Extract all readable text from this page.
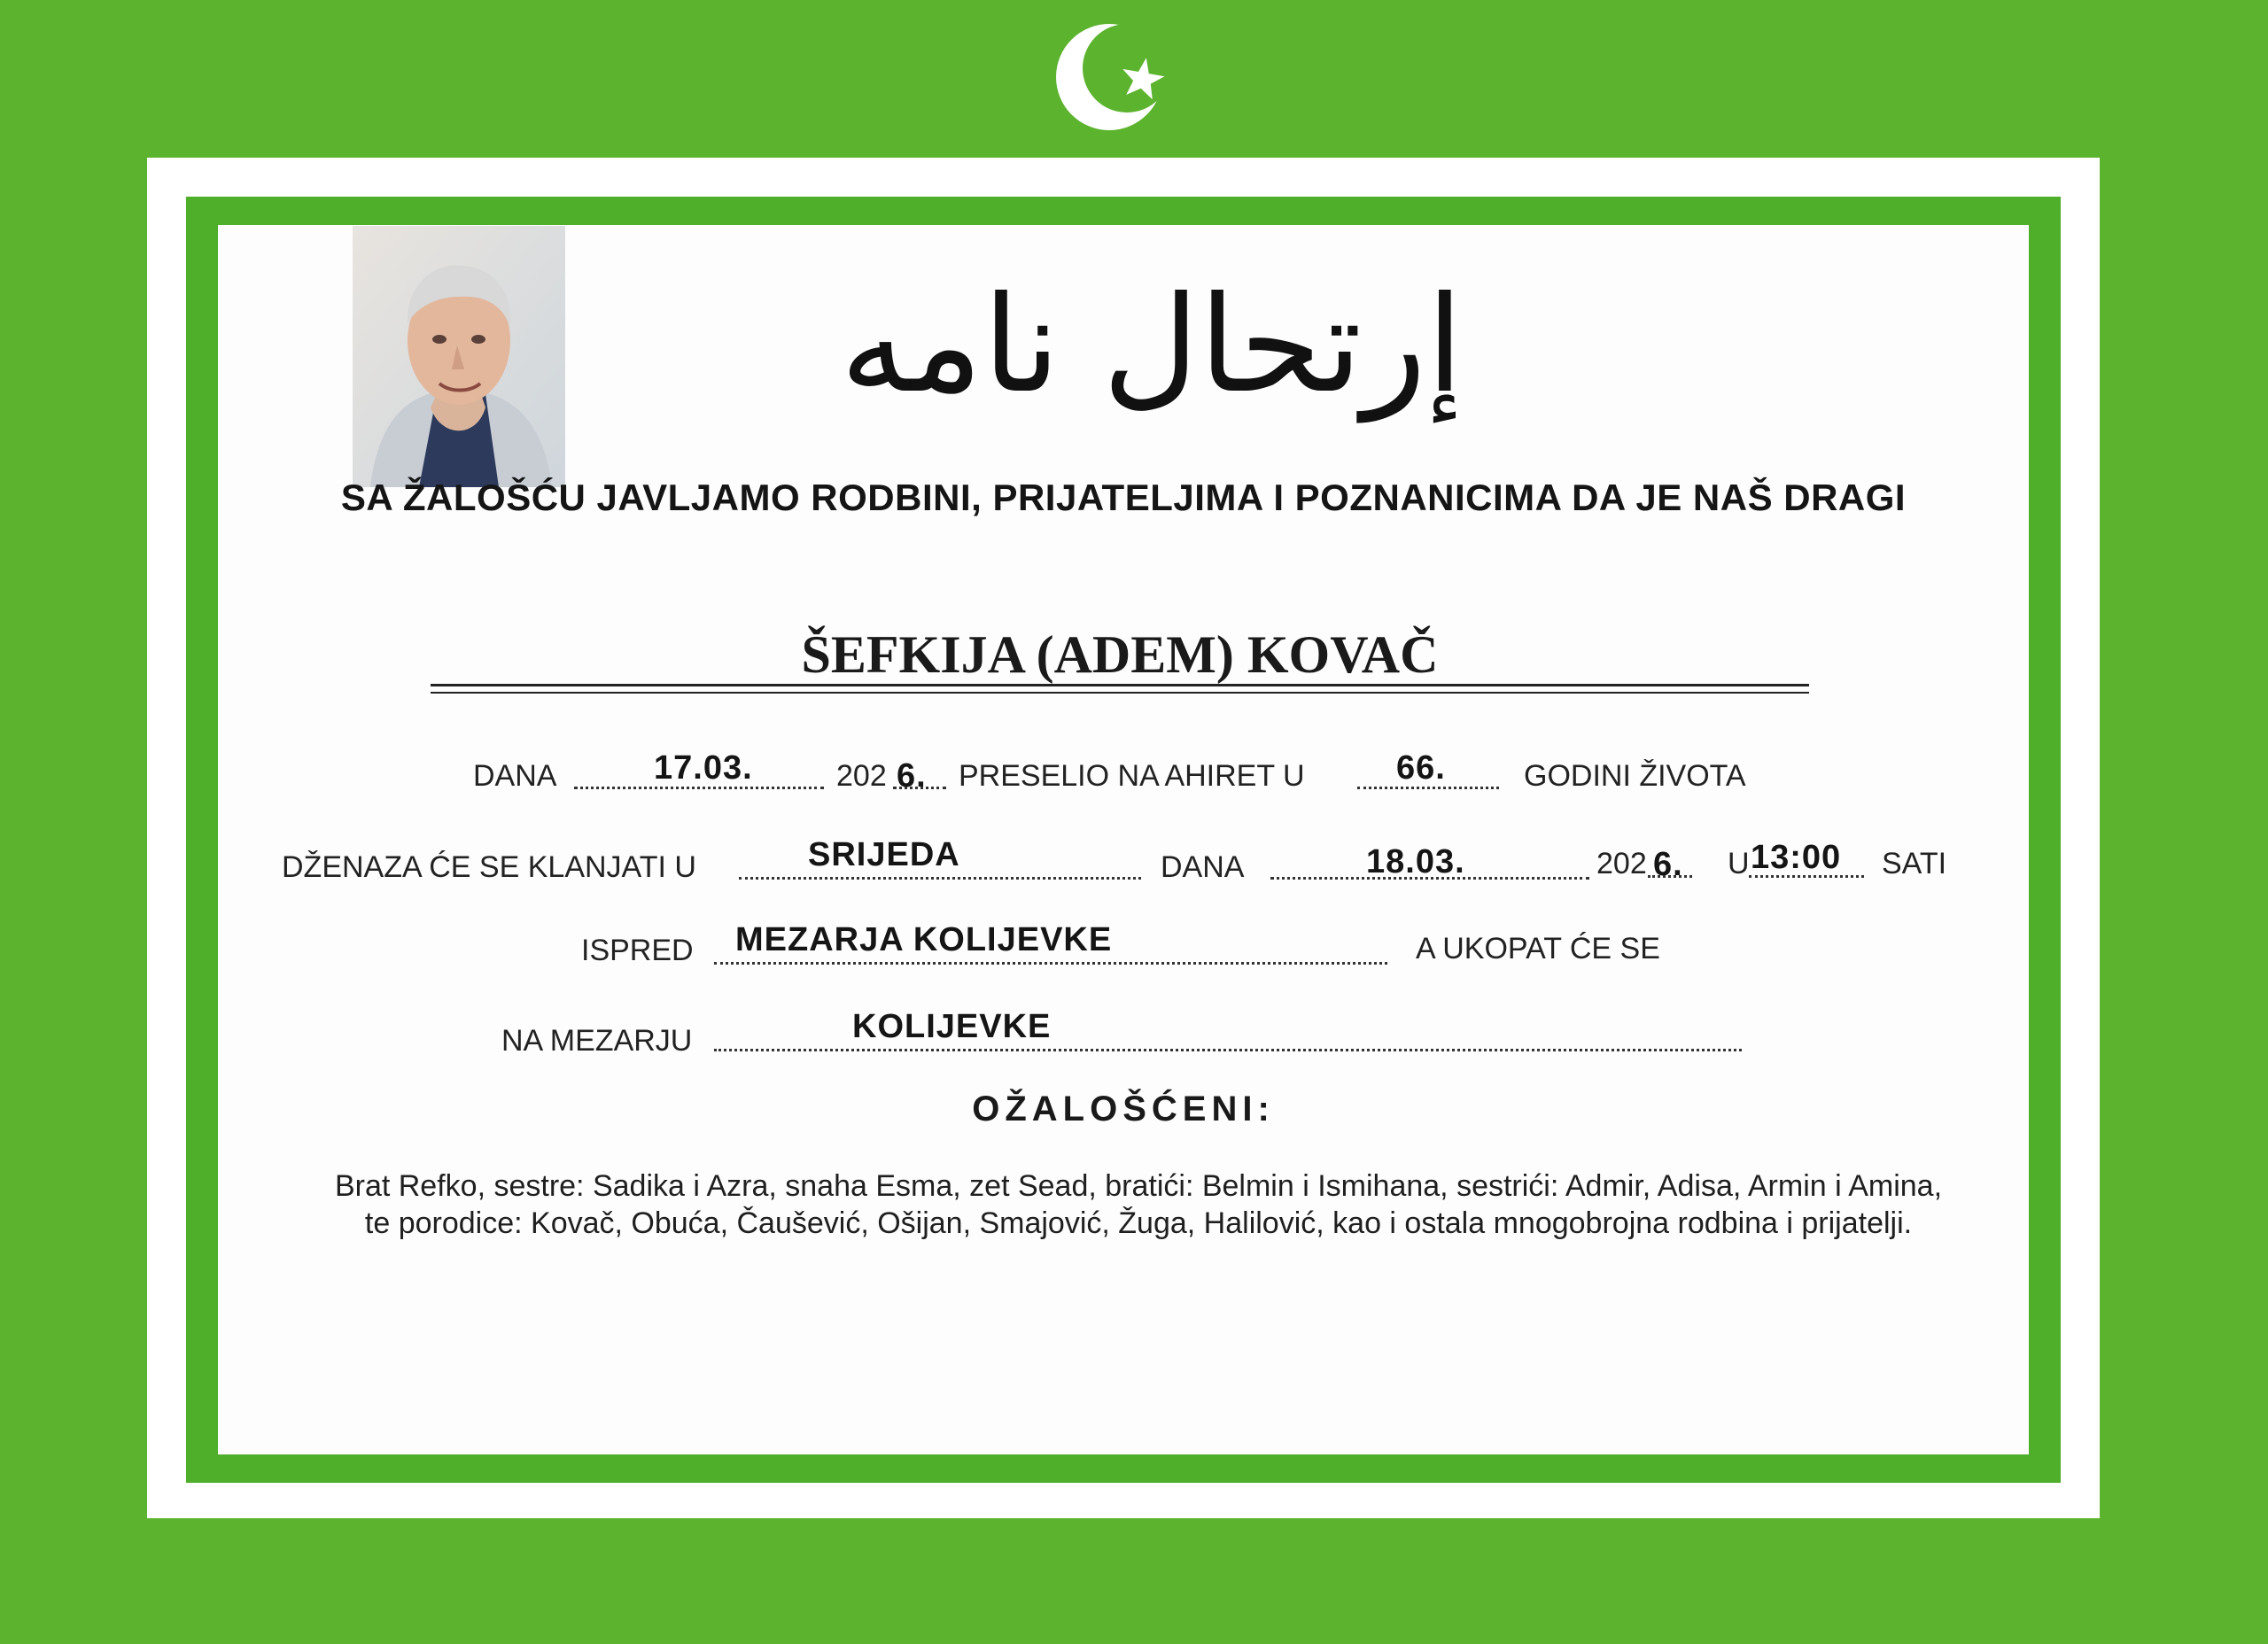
إرتحال نامه
SA ŽALOŠĆU JAVLJAMO RODBINI, PRIJATELJIMA I POZNANICIMA DA JE NAŠ DRAGI
ŠEFKIJA (ADEM) KOVAČ
DANA	17.03.	202 6. PRESELIO NA AHIRET U	66.	GODINI ŽIVOTA
DŽENAZA ĆE SE KLANJATI U	SRIJEDA	DANA	18.03.	202 6. U 13:00 SATI
ISPRED MEZARJA KOLIJEVKE	A UKOPAT ĆE SE
NA MEZARJU	KOLIJEVKE
OŽALOŠĆENI:
Brat Refko, sestre: Sadika i Azra, snaha Esma, zet Sead, bratići: Belmin i Ismihana, sestrići: Admir, Adisa, Armin i Amina,
te porodice: Kovač, Obuća, Čaušević, Ošijan, Smajović, Žuga, Halilović, kao i ostala mnogobrojna rodbina i prijatelji.
